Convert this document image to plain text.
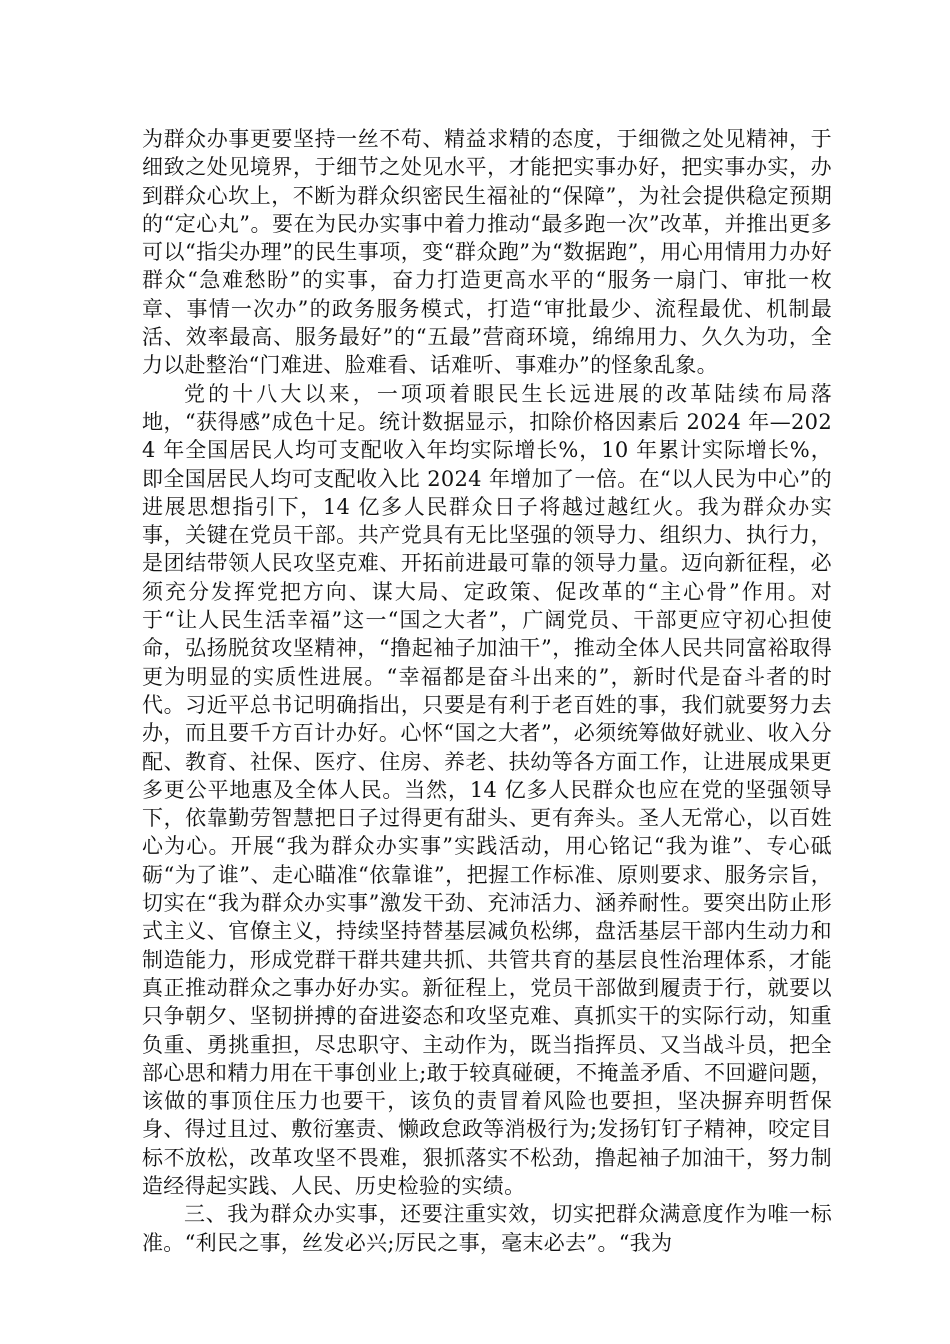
为群众办事更要坚持一丝不苟、精益求精的态度，于细微之处见精神，于细致之处见境界，于细节之处见水平，才能把实事办好，把实事办实，办到群众心坎上，不断为群众织密民生福祉的“保障”，为社会提供稳定预期的“定心丸”。要在为民办实事中着力推动“最多跑一次”改革，并推出更多可以“指尖办理”的民生事项，变“群众跑”为“数据跑”，用心用情用力办好群众“急难愁盼”的实事，奋力打造更高水平的“服务一扇门、审批一枚章、事情一次办”的政务服务模式，打造“审批最少、流程最优、机制最活、效率最高、服务最好”的“五最”营商环境，绵绵用力、久久为功，全力以赴整治“门难进、脸难看、话难听、事难办”的怪象乱象。

党的十八大以来，一项项着眼民生长远进展的改革陆续布局落地，“获得感”成色十足。统计数据显示，扣除价格因素后 2024 年—2024 年全国居民人均可支配收入年均实际增长%，10 年累计实际增长%，即全国居民人均可支配收入比 2024 年增加了一倍。在“以人民为中心”的进展思想指引下，14 亿多人民群众日子将越过越红火。我为群众办实事，关键在党员干部。共产党具有无比坚强的领导力、组织力、执行力，是团结带领人民攻坚克难、开拓前进最可靠的领导力量。迈向新征程，必须充分发挥党把方向、谋大局、定政策、促改革的“主心骨”作用。对于“让人民生活幸福”这一“国之大者”，广阔党员、干部更应守初心担使命，弘扬脱贫攻坚精神，“撸起袖子加油干”，推动全体人民共同富裕取得更为明显的实质性进展。“幸福都是奋斗出来的”，新时代是奋斗者的时代。习近平总书记明确指出，只要是有利于老百姓的事，我们就要努力去办，而且要千方百计办好。心怀“国之大者”，必须统筹做好就业、收入分配、教育、社保、医疗、住房、养老、扶幼等各方面工作，让进展成果更多更公平地惠及全体人民。当然，14 亿多人民群众也应在党的坚强领导下，依靠勤劳智慧把日子过得更有甜头、更有奔头。圣人无常心，以百姓心为心。开展“我为群众办实事”实践活动，用心铭记“我为谁”、专心砥砺“为了谁”、走心瞄准“依靠谁”，把握工作标准、原则要求、服务宗旨，切实在“我为群众办实事”激发干劲、充沛活力、涵养耐性。要突出防止形式主义、官僚主义，持续坚持替基层减负松绑，盘活基层干部内生动力和制造能力，形成党群干群共建共抓、共管共育的基层良性治理体系，才能真正推动群众之事办好办实。新征程上，党员干部做到履责于行，就要以只争朝夕、坚韧拼搏的奋进姿态和攻坚克难、真抓实干的实际行动，知重负重、勇挑重担，尽忠职守、主动作为，既当指挥员、又当战斗员，把全部心思和精力用在干事创业上;敢于较真碰硬，不掩盖矛盾、不回避问题，该做的事顶住压力也要干，该负的责冒着风险也要担，坚决摒弃明哲保身、得过且过、敷衍塞责、懒政怠政等消极行为;发扬钉钉子精神，咬定目标不放松，改革攻坚不畏难，狠抓落实不松劲，撸起袖子加油干，努力制造经得起实践、人民、历史检验的实绩。

三、我为群众办实事，还要注重实效，切实把群众满意度作为唯一标准。“利民之事，丝发必兴;厉民之事，毫末必去”。“我为
